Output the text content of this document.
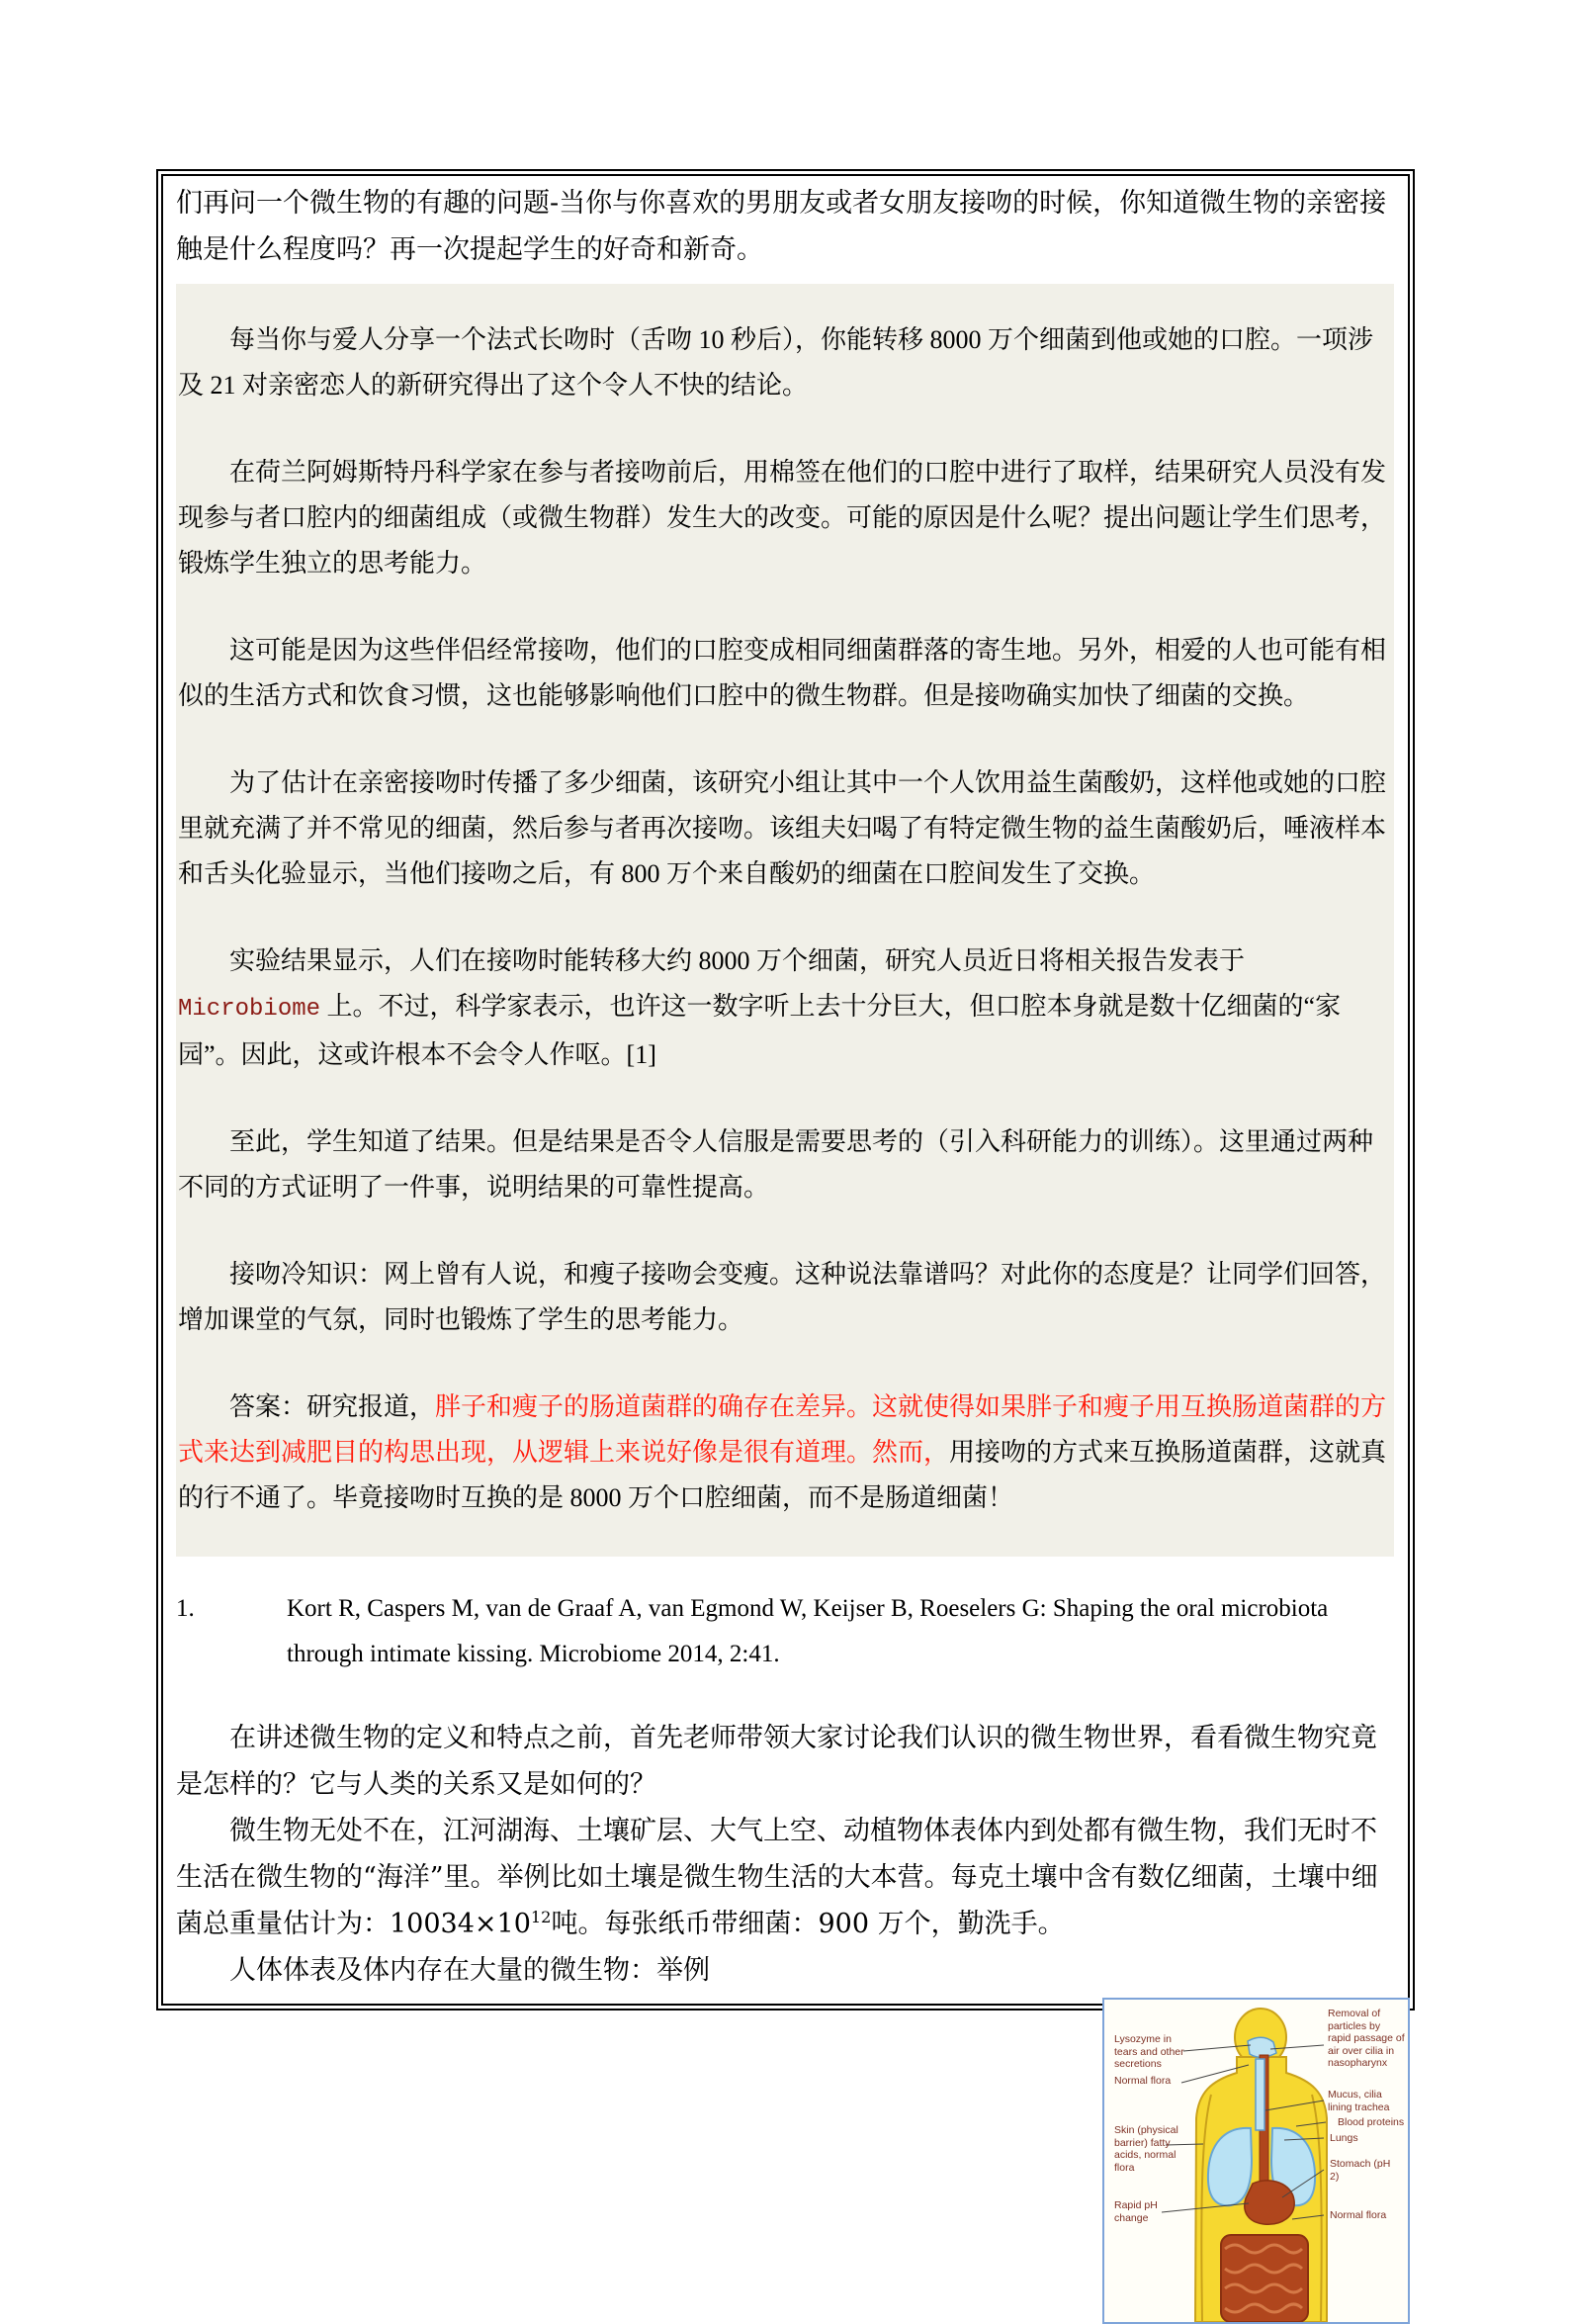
们再问一个微生物的有趣的问题-当你与你喜欢的男朋友或者女朋友接吻的时候，你知道微生物的亲密接触是什么程度吗？再一次提起学生的好奇和新奇。

每当你与爱人分享一个法式长吻时（舌吻 10 秒后），你能转移 8000 万个细菌到他或她的口腔。一项涉及 21 对亲密恋人的新研究得出了这个令人不快的结论。

在荷兰阿姆斯特丹科学家在参与者接吻前后，用棉签在他们的口腔中进行了取样，结果研究人员没有发现参与者口腔内的细菌组成（或微生物群）发生大的改变。可能的原因是什么呢？提出问题让学生们思考，锻炼学生独立的思考能力。

这可能是因为这些伴侣经常接吻，他们的口腔变成相同细菌群落的寄生地。另外，相爱的人也可能有相似的生活方式和饮食习惯，这也能够影响他们口腔中的微生物群。但是接吻确实加快了细菌的交换。

为了估计在亲密接吻时传播了多少细菌，该研究小组让其中一个人饮用益生菌酸奶，这样他或她的口腔里就充满了并不常见的细菌，然后参与者再次接吻。该组夫妇喝了有特定微生物的益生菌酸奶后，唾液样本和舌头化验显示，当他们接吻之后，有 800 万个来自酸奶的细菌在口腔间发生了交换。

实验结果显示，人们在接吻时能转移大约 8000 万个细菌，研究人员近日将相关报告发表于 Microbiome 上。不过，科学家表示，也许这一数字听上去十分巨大，但口腔本身就是数十亿细菌的“家园”。因此，这或许根本不会令人作呕。[1]

至此，学生知道了结果。但是结果是否令人信服是需要思考的（引入科研能力的训练）。这里通过两种不同的方式证明了一件事，说明结果的可靠性提高。

接吻冷知识：网上曾有人说，和瘦子接吻会变瘦。这种说法靠谱吗？对此你的态度是？让同学们回答，增加课堂的气氛，同时也锻炼了学生的思考能力。

答案：研究报道，胖子和瘦子的肠道菌群的确存在差异。这就使得如果胖子和瘦子用互换肠道菌群的方式来达到减肥目的构思出现，从逻辑上来说好像是很有道理。然而，用接吻的方式来互换肠道菌群，这就真的行不通了。毕竟接吻时互换的是 8000 万个口腔细菌，而不是肠道细菌！

1.	Kort R, Caspers M, van de Graaf A, van Egmond W, Keijser B, Roeselers G: Shaping the oral microbiota through intimate kissing. Microbiome 2014, 2:41.

在讲述微生物的定义和特点之前，首先老师带领大家讨论我们认识的微生物世界，看看微生物究竟是怎样的？它与人类的关系又是如何的？

微生物无处不在，江河湖海、土壤矿层、大气上空、动植物体表体内到处都有微生物，我们无时不生活在微生物的“海洋”里。举例比如土壤是微生物生活的大本营。每克土壤中含有数亿细菌，土壤中细菌总重量估计为：$10034\times 10^{12}$吨。每张纸币带细菌：900 万个，勤洗手。

人体体表及体内存在大量的微生物：举例

Lysozyme in tears and other secretions
Normal flora
Skin (physical barrier) fatty acids, normal flora
Rapid pH change
Removal of particles by rapid passage of air over cilia in nasopharynx
Mucus, cilia lining trachea
Blood proteins
Lungs
Stomach (pH 2)
Normal flora
